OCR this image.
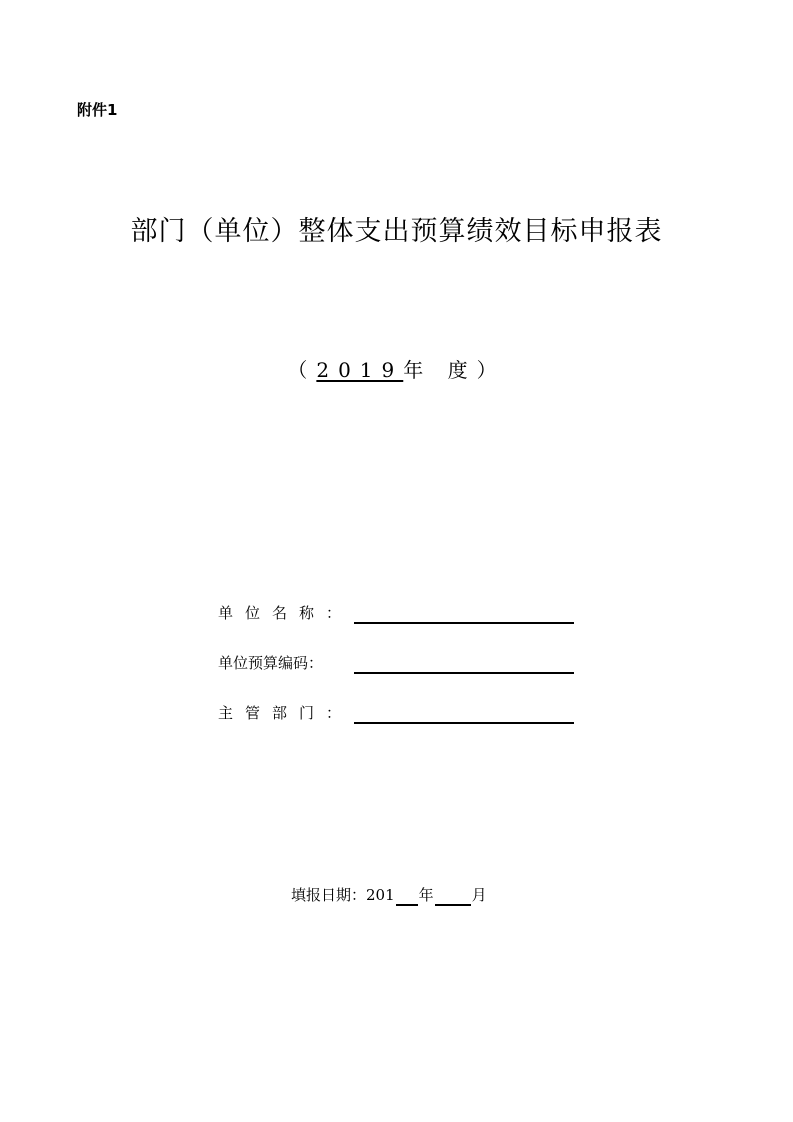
附件1
部门（单位）整体支出预算绩效目标申报表
（2019年 度）
单位名称：
单位预算编码：
主管部门：
填报日期： 201 年	月
